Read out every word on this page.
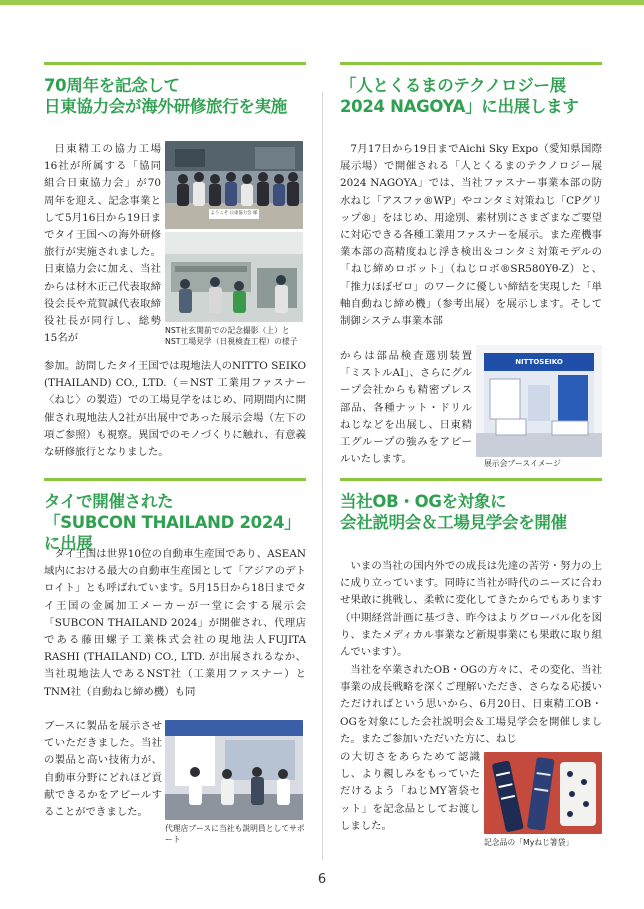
70周年を記念して
日東協力会が海外研修旅行を実施
日東精工の協力工場16社が所属する「協同組合日東協力会」が70周年を迎え、記念事業として5月16日から19日までタイ王国への海外研修旅行が実施されました。日東協力会に加え、当社からは材木正己代表取締役会長や荒賀誠代表取締役社長が同行し、総勢15名が
ようこそ 日東協力会 様
NST社玄関前での記念撮影（上）とNST工場見学（日視検査工程）の様子
参加。訪問したタイ王国では現地法人のNITTO SEIKO (THAILAND) CO., LTD.（＝NST 工業用ファスナー〈ねじ〉の製造）での工場見学をはじめ、同期間内に開催され現地法人2社が出展中であった展示会場（左下の項ご参照）も視察。異国でのモノづくりに触れ、有意義な研修旅行となりました。
「人とくるまのテクノロジー展
2024 NAGOYA」に出展します
7月17日から19日までAichi Sky Expo（愛知県国際展示場）で開催される「人とくるまのテクノロジー展 2024 NAGOYA」では、当社ファスナー事業本部の防水ねじ「アスファ®WP」やコンタミ対策ねじ「CPグリップ®」をはじめ、用途別、素材別にさまざまなご要望に対応できる各種工業用ファスナーを展示。また産機事業本部の高精度ねじ浮き検出＆コンタミ対策モデルの「ねじ締めロボット」（ねじロボ®SR580Yθ-Z）と、「推力ほぼゼロ」のワークに優しい締結を実現した「単軸自動ねじ締め機」（参考出展）を展示します。そして制御システム事業本部
からは部品検査選別装置「ミストルAI」、さらにグループ会社からも精密プレス部品、各種ナット・ドリルねじなどを出展し、日東精工グループの強みをアピールいたします。
NITTOSEIKO
展示会ブースイメージ
タイで開催された
「SUBCON THAILAND 2024」に出展
タイ王国は世界10位の自動車生産国であり、ASEAN域内における最大の自動車生産国として「アジアのデトロイト」とも呼ばれています。5月15日から18日までタイ王国の金属加工メーカーが一堂に会する展示会「SUBCON THAILAND 2024」が開催され、代理店である藤田螺子工業株式会社の現地法人FUJITA RASHI (THAILAND) CO., LTD. が出展されるなか、当社現地法人であるNST社（工業用ファスナー）とTNM社（自動ねじ締め機）も同
ブースに製品を展示させていただきました。当社の製品と高い技術力が、自動車分野にどれほど貢献できるかをアピールすることができました。
代理店ブースに当社も説明員としてサポート
当社OB・OGを対象に
会社説明会＆工場見学会を開催
いまの当社の国内外での成長は先達の苦労・努力の上に成り立っています。同時に当社が時代のニーズに合わせ果敢に挑戦し、柔軟に変化してきたからでもあります（中期経営計画に基づき、昨今はよりグローバル化を図り、またメディカル事業など新規事業にも果敢に取り組んでいます）。
当社を卒業されたOB・OGの方々に、その変化、当社事業の成長戦略を深くご理解いただき、さらなる応援いただければという思いから、6月20日、日東精工OB・OGを対象にした会社説明会＆工場見学会を開催しました。またご参加いただいた方に、ねじ
の大切さをあらためて認識し、より親しみをもっていただけるよう「ねじMY箸袋セット」を記念品としてお渡ししました。
記念品の「Myねじ箸袋」
6
